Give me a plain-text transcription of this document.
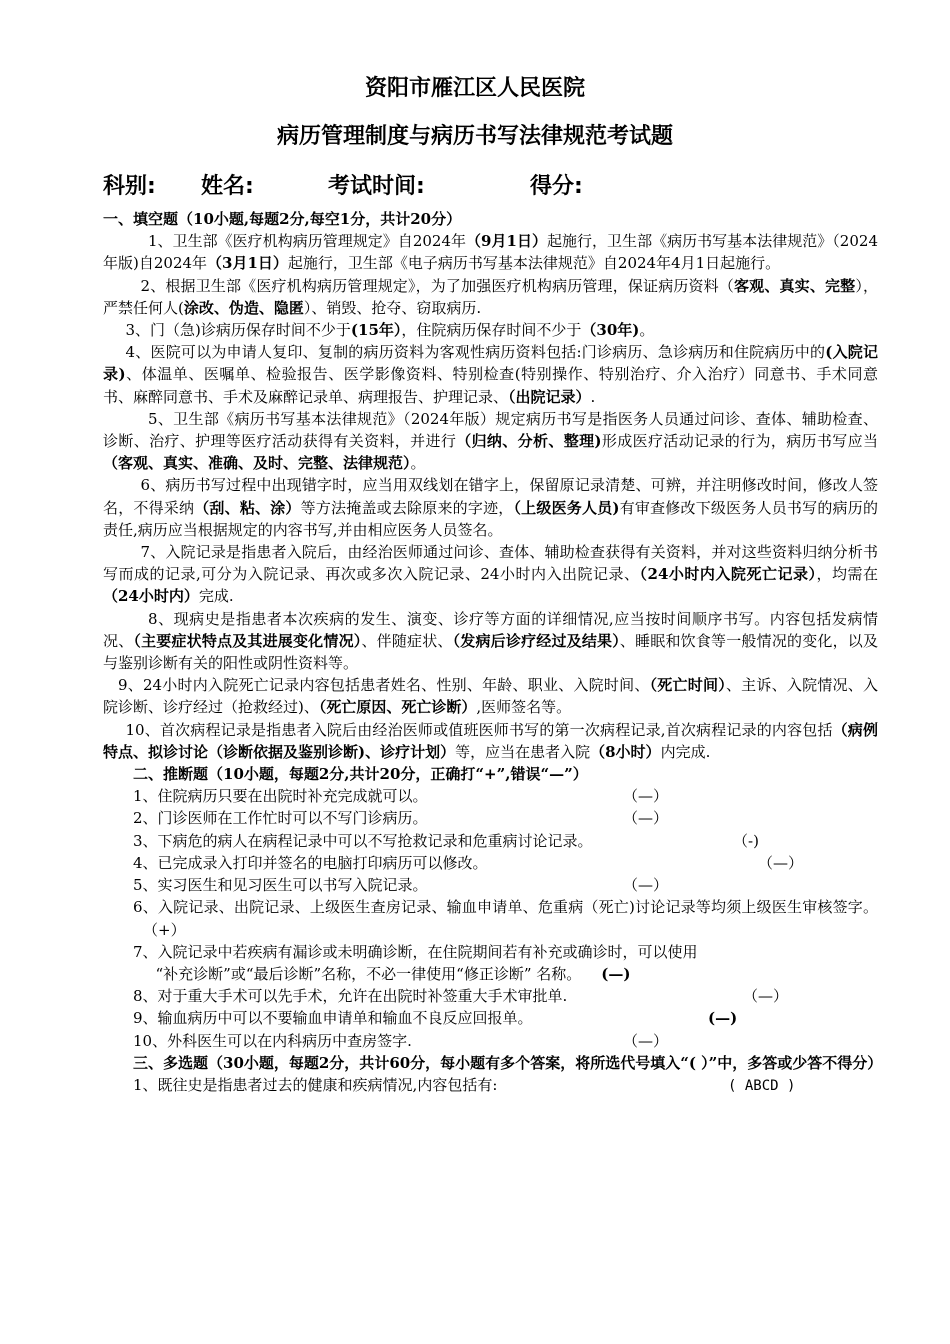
资阳市雁江区人民医院
病历管理制度与病历书写法律规范考试题
科别: 姓名:	考试时间:	得分:

一、填空题（10小题,每题2分,每空1分，共计20分）

1、卫生部《医疗机构病历管理规定》自2024年（9月1日）起施行，卫生部《病历书写基本法律规范》（2024年版)自2024年（3月1日）起施行，卫生部《电子病历书写基本法律规范》自2024年4月1日起施行。

2、根据卫生部《医疗机构病历管理规定》，为了加强医疗机构病历管理，保证病历资料（客观、真实、完整），严禁任何人(涂改、伪造、隐匿）、销毁、抢夺、窃取病历.

3、门（急)诊病历保存时间不少于(15年），住院病历保存时间不少于（30年)。

4、医院可以为申请人复印、复制的病历资料为客观性病历资料包括:门诊病历、急诊病历和住院病历中的(入院记录)、体温单、医嘱单、检验报告、医学影像资料、特别检查(特别操作、特别治疗、介入治疗）同意书、手术同意书、麻醉同意书、手术及麻醉记录单、病理报告、护理记录、（出院记录）.

5、卫生部《病历书写基本法律规范》（2024年版）规定病历书写是指医务人员通过问诊、查体、辅助检查、诊断、治疗、护理等医疗活动获得有关资料，并进行（归纳、分析、整理)形成医疗活动记录的行为，病历书写应当（客观、真实、准确、及时、完整、法律规范）。

6、病历书写过程中出现错字时，应当用双线划在错字上，保留原记录清楚、可辨，并注明修改时间，修改人签名，不得采纳（刮、粘、涂）等方法掩盖或去除原来的字迹，（上级医务人员)有审查修改下级医务人员书写的病历的责任,病历应当根据规定的内容书写,并由相应医务人员签名。

7、入院记录是指患者入院后，由经治医师通过问诊、查体、辅助检查获得有关资料，并对这些资料归纳分析书写而成的记录,可分为入院记录、再次或多次入院记录、24小时内入出院记录、（24小时内入院死亡记录），均需在（24小时内）完成.

8、现病史是指患者本次疾病的发生、演变、诊疗等方面的详细情况,应当按时间顺序书写。内容包括发病情况、（主要症状特点及其进展变化情况）、伴随症状、（发病后诊疗经过及结果）、睡眠和饮食等一般情况的变化，以及与鉴别诊断有关的阳性或阴性资料等。

9、24小时内入院死亡记录内容包括患者姓名、性别、年龄、职业、入院时间、（死亡时间）、主诉、入院情况、入院诊断、诊疗经过（抢救经过)、（死亡原因、死亡诊断）,医师签名等。

10、首次病程记录是指患者入院后由经治医师或值班医师书写的第一次病程记录,首次病程记录的内容包括（病例特点、拟诊讨论（诊断依据及鉴别诊断)、诊疗计划）等，应当在患者入院（8小时）内完成.

二、推断题（10小题，每题2分,共计20分，正确打“+”,错误“—”）

1、住院病历只要在出院时补充完成就可以。	（—）

2、门诊医师在工作忙时可以不写门诊病历。	（—）

3、下病危的病人在病程记录中可以不写抢救记录和危重病讨论记录。	（-)

4、已完成录入打印并签名的电脑打印病历可以修改。	（—）

5、实习医生和见习医生可以书写入院记录。	（—）

6、入院记录、出院记录、上级医生查房记录、输血申请单、危重病（死亡)讨论记录等均须上级医生审核签字。（+）

7、入院记录中若疾病有漏诊或未明确诊断，在住院期间若有补充或确诊时，可以使用

“补充诊断”或“最后诊断”名称，不必一律使用“修正诊断” 名称。 (—)

8、对于重大手术可以先手术，允许在出院时补签重大手术审批单.	（—）

9、输血病历中可以不要输血申请单和输血不良反应回报单。	(—)

10、外科医生可以在内科病历中查房签字.	（—）

三、多选题（30小题，每题2分，共计60分，每小题有多个答案，将所选代号填入“( ）”中，多答或少答不得分）

1、既往史是指患者过去的健康和疾病情况,内容包括有:	( ABCD )
